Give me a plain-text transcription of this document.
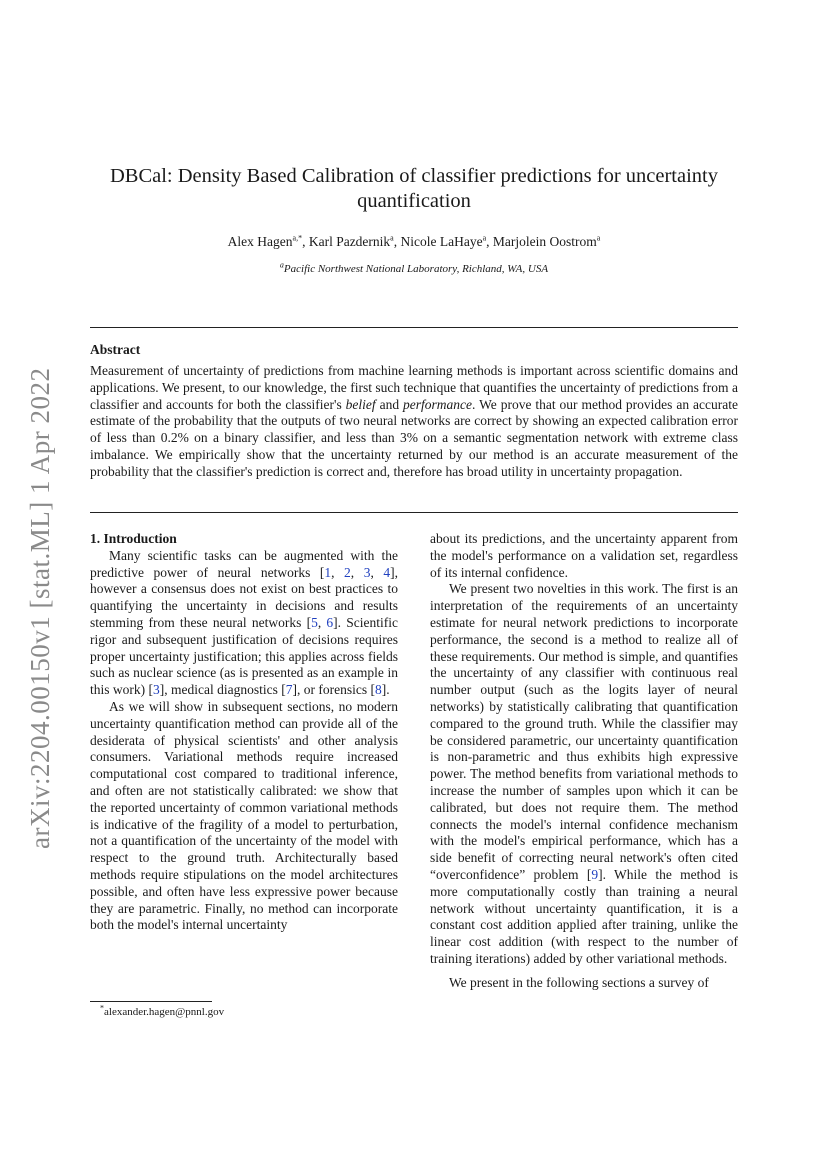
arXiv:2204.00150v1 [stat.ML] 1 Apr 2022
DBCal: Density Based Calibration of classifier predictions for uncertainty quantification
Alex Hagen$^{a,*}$, Karl Pazdernik$^a$, Nicole LaHaye$^a$, Marjolein Oostrom$^a$
$^a$Pacific Northwest National Laboratory, Richland, WA, USA
Abstract
Measurement of uncertainty of predictions from machine learning methods is important across scientific domains and applications. We present, to our knowledge, the first such technique that quantifies the uncertainty of predictions from a classifier and accounts for both the classifier's belief and performance. We prove that our method provides an accurate estimate of the probability that the outputs of two neural networks are correct by showing an expected calibration error of less than 0.2% on a binary classifier, and less than 3% on a semantic segmentation network with extreme class imbalance. We empirically show that the uncertainty returned by our method is an accurate measurement of the probability that the classifier's prediction is correct and, therefore has broad utility in uncertainty propagation.

1. Introduction

Many scientific tasks can be augmented with the predictive power of neural networks [1, 2, 3, 4], however a consensus does not exist on best practices to quantifying the uncertainty in decisions and results stemming from these neural networks [5, 6]. Scientific rigor and subsequent justification of decisions requires proper uncertainty justification; this applies across fields such as nuclear science (as is presented as an example in this work) [3], medical diagnostics [7], or forensics [8].

As we will show in subsequent sections, no modern uncertainty quantification method can provide all of the desiderata of physical scientists' and other analysis consumers. Variational methods require increased computational cost compared to traditional inference, and often are not statistically calibrated: we show that the reported uncertainty of common variational methods is indicative of the fragility of a model to perturbation, not a quantification of the uncertainty of the model with respect to the ground truth. Architecturally based methods require stipulations on the model architectures possible, and often have less expressive power because they are parametric. Finally, no method can incorporate both the model's internal uncertainty

about its predictions, and the uncertainty apparent from the model's performance on a validation set, regardless of its internal confidence.

We present two novelties in this work. The first is an interpretation of the requirements of an uncertainty estimate for neural network predictions to incorporate performance, the second is a method to realize all of these requirements. Our method is simple, and quantifies the uncertainty of any classifier with continuous real number output (such as the logits layer of neural networks) by statistically calibrating that quantification compared to the ground truth. While the classifier may be considered parametric, our uncertainty quantification is non-parametric and thus exhibits high expressive power. The method benefits from variational methods to increase the number of samples upon which it can be calibrated, but does not require them. The method connects the model's internal confidence mechanism with the model's empirical performance, which has a side benefit of correcting neural network's often cited “overconfidence” problem [9]. While the method is more computationally costly than training a neural network without uncertainty quantification, it is a constant cost addition applied after training, unlike the linear cost addition (with respect to the number of training iterations) added by other variational methods.

We present in the following sections a survey of

*alexander.hagen@pnnl.gov
